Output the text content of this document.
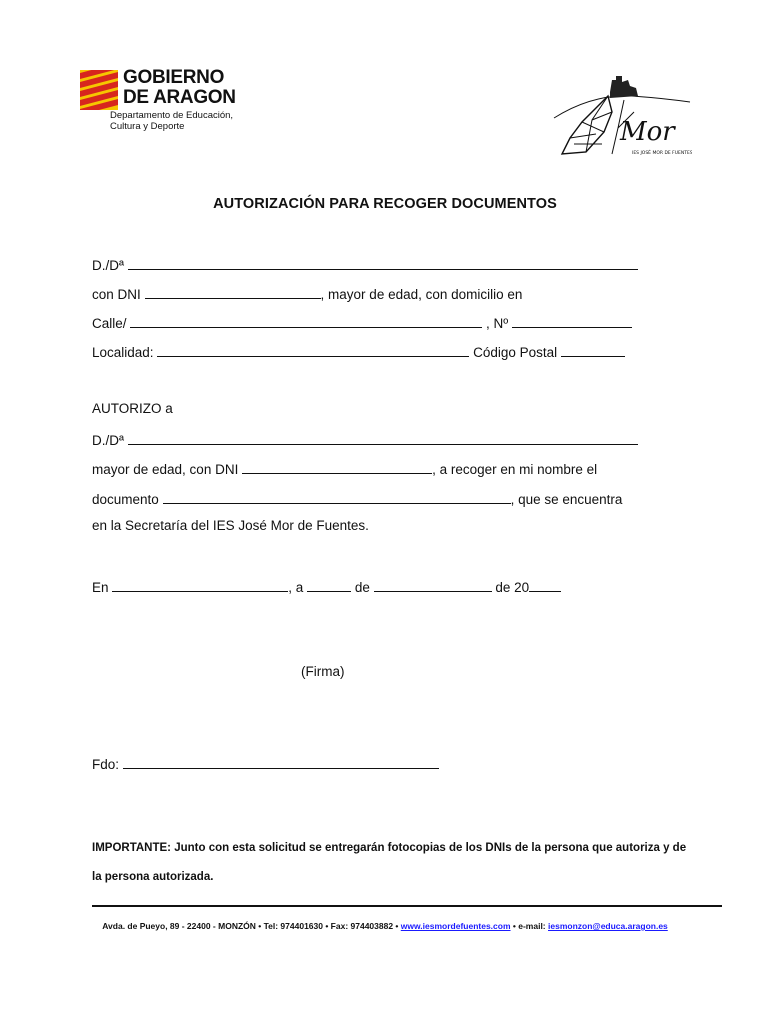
GOBIERNO
DE ARAGON
Departamento de Educación,
Cultura y Deporte	Mor
IES JOSÉ MOR DE FUENTES
AUTORIZACIÓN PARA RECOGER DOCUMENTOS
D./Dª
con DNI	, mayor de edad, con domicilio en
Calle/	, Nº
Localidad:	Código Postal
AUTORIZO a
D./Dª
mayor de edad, con DNI	, a recoger en mi nombre el
documento	, que se encuentra
en la Secretaría del IES José Mor de Fuentes.
En	, a	de	de 20
(Firma)
Fdo:
IMPORTANTE: Junto con esta solicitud se entregarán fotocopias de los DNIs de la persona que autoriza y de la persona autorizada.
Avda. de Pueyo, 89 - 22400 - MONZÓN • Tel: 974401630 • Fax: 974403882 • www.iesmordefuentes.com • e-mail: iesmonzon@educa.aragon.es
